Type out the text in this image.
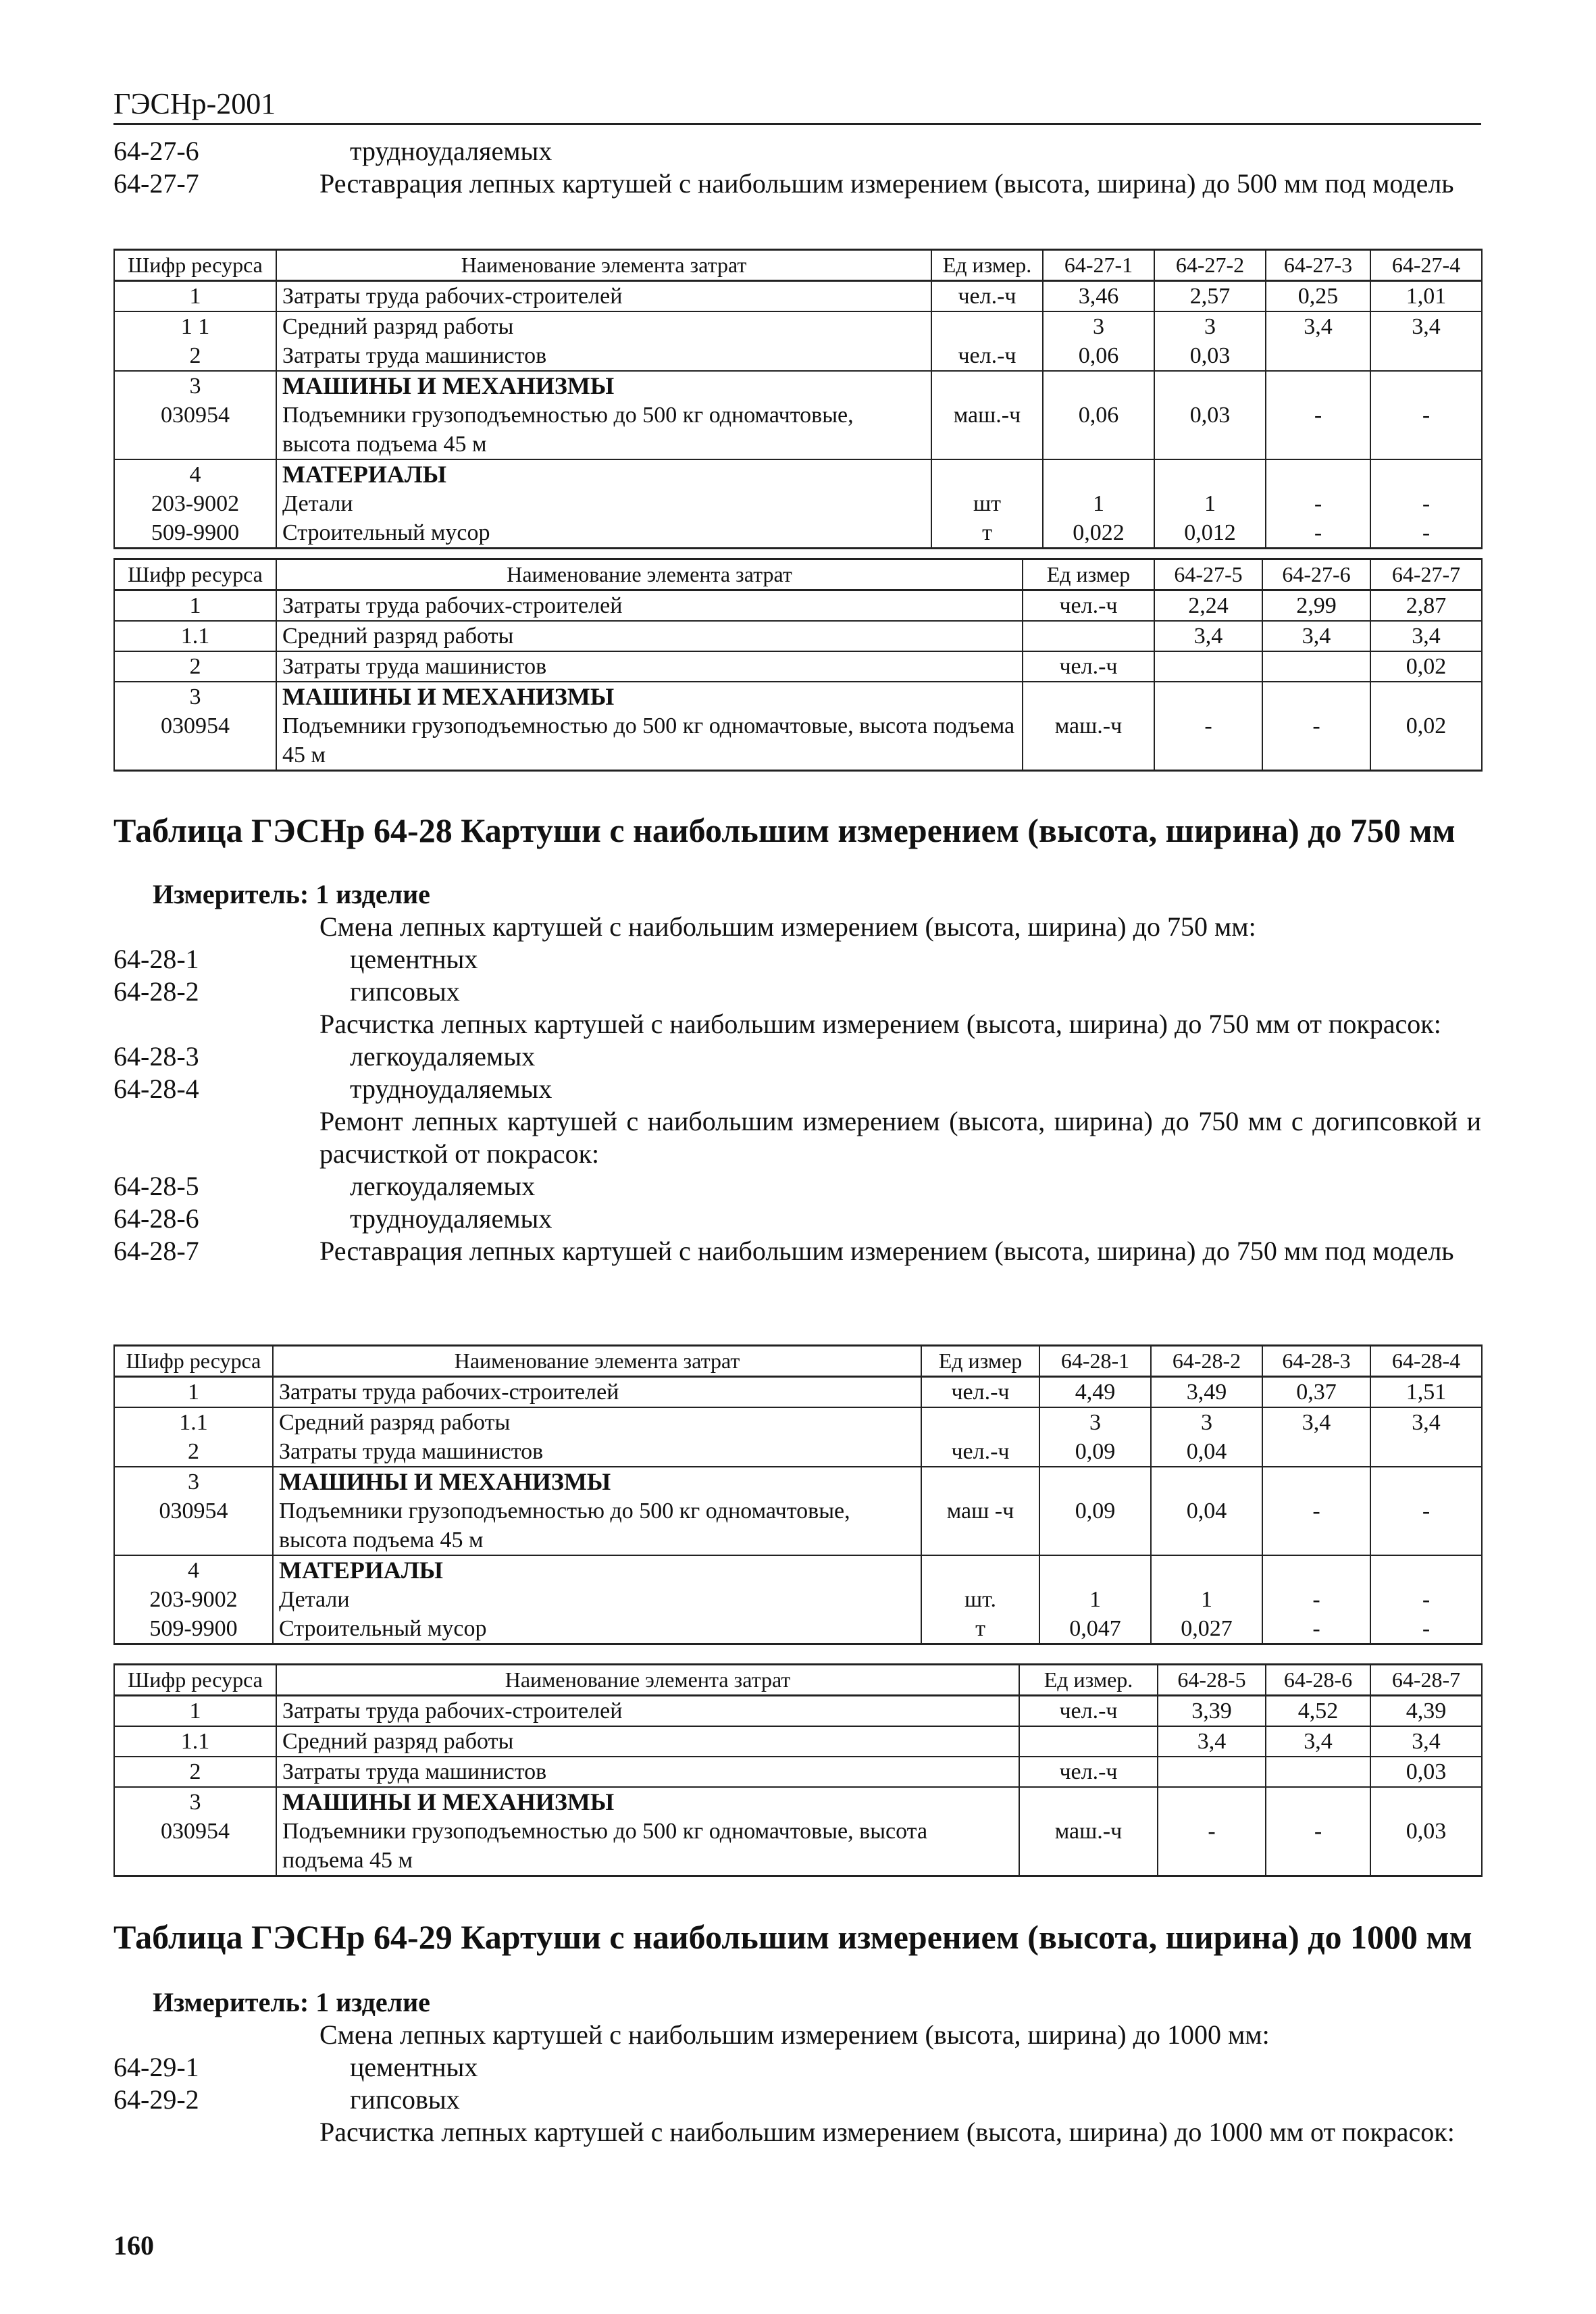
ГЭСНр-2001
64-27-6	трудноудаляемых
64-27-7	Реставрация лепных картушей с наибольшим измерением (высота, ширина) до 500 мм под модель
Шифр ресурса	Наименование элемента затрат	Ед измер.	64-27-1	64-27-2	64-27-3	64-27-4
1	Затраты труда рабочих-строителей	чел.-ч	3,46	2,57	0,25	1,01
1 1	Средний разряд работы		3	3	3,4	3,4
2	Затраты труда машинистов	чел.-ч	0,06	0,03		
3	МАШИНЫ И МЕХАНИЗМЫ					
030954	Подъемники грузоподъемностью до 500 кг одномачтовые, высота подъема 45 м	маш.-ч	0,06	0,03	-	-
4	МАТЕРИАЛЫ					
203-9002	Детали	шт	1	1	-	-
509-9900	Строительный мусор	т	0,022	0,012	-	-
Шифр ресурса	Наименование элемента затрат	Ед измер	64-27-5	64-27-6	64-27-7
1	Затраты труда рабочих-строителей	чел.-ч	2,24	2,99	2,87
1.1	Средний разряд работы		3,4	3,4	3,4
2	Затраты труда машинистов	чел.-ч			0,02
3	МАШИНЫ И МЕХАНИЗМЫ				
030954	Подъемники грузоподъемностью до 500 кг одномачтовые, высота подъема 45 м	маш.-ч	-	-	0,02
Таблица ГЭСНр 64-28 Картуши с наибольшим измерением (высота, ширина) до 750 мм
Измеритель: 1 изделие
Смена лепных картушей с наибольшим измерением (высота, ширина) до 750 мм:
64-28-1	цементных
64-28-2	гипсовых
Расчистка лепных картушей с наибольшим измерением (высота, ширина) до 750 мм от покрасок:
64-28-3	легкоудаляемых
64-28-4	трудноудаляемых
Ремонт лепных картушей с наибольшим измерением (высота, ширина) до 750 мм с догипсовкой и расчисткой от покрасок:
64-28-5	легкоудаляемых
64-28-6	трудноудаляемых
64-28-7	Реставрация лепных картушей с наибольшим измерением (высота, ширина) до 750 мм под модель
Шифр ресурса	Наименование элемента затрат	Ед измер	64-28-1	64-28-2	64-28-3	64-28-4
1	Затраты труда рабочих-строителей	чел.-ч	4,49	3,49	0,37	1,51
1.1	Средний разряд работы		3	3	3,4	3,4
2	Затраты труда машинистов	чел.-ч	0,09	0,04		
3	МАШИНЫ И МЕХАНИЗМЫ					
030954	Подъемники грузоподъемностью до 500 кг одномачтовые, высота подъема 45 м	маш -ч	0,09	0,04	-	-
4	МАТЕРИАЛЫ					
203-9002	Детали	шт.	1	1	-	-
509-9900	Строительный мусор	т	0,047	0,027	-	-
Шифр ресурса	Наименование элемента затрат	Ед измер.	64-28-5	64-28-6	64-28-7
1	Затраты труда рабочих-строителей	чел.-ч	3,39	4,52	4,39
1.1	Средний разряд работы		3,4	3,4	3,4
2	Затраты труда машинистов	чел.-ч			0,03
3	МАШИНЫ И МЕХАНИЗМЫ				
030954	Подъемники грузоподъемностью до 500 кг одномачтовые, высота подъема 45 м	маш.-ч	-	-	0,03
Таблица ГЭСНр 64-29 Картуши с наибольшим измерением (высота, ширина) до 1000 мм
Измеритель: 1 изделие
Смена лепных картушей с наибольшим измерением (высота, ширина) до 1000 мм:
64-29-1	цементных
64-29-2	гипсовых
Расчистка лепных картушей с наибольшим измерением (высота, ширина) до 1000 мм от покрасок:
160
